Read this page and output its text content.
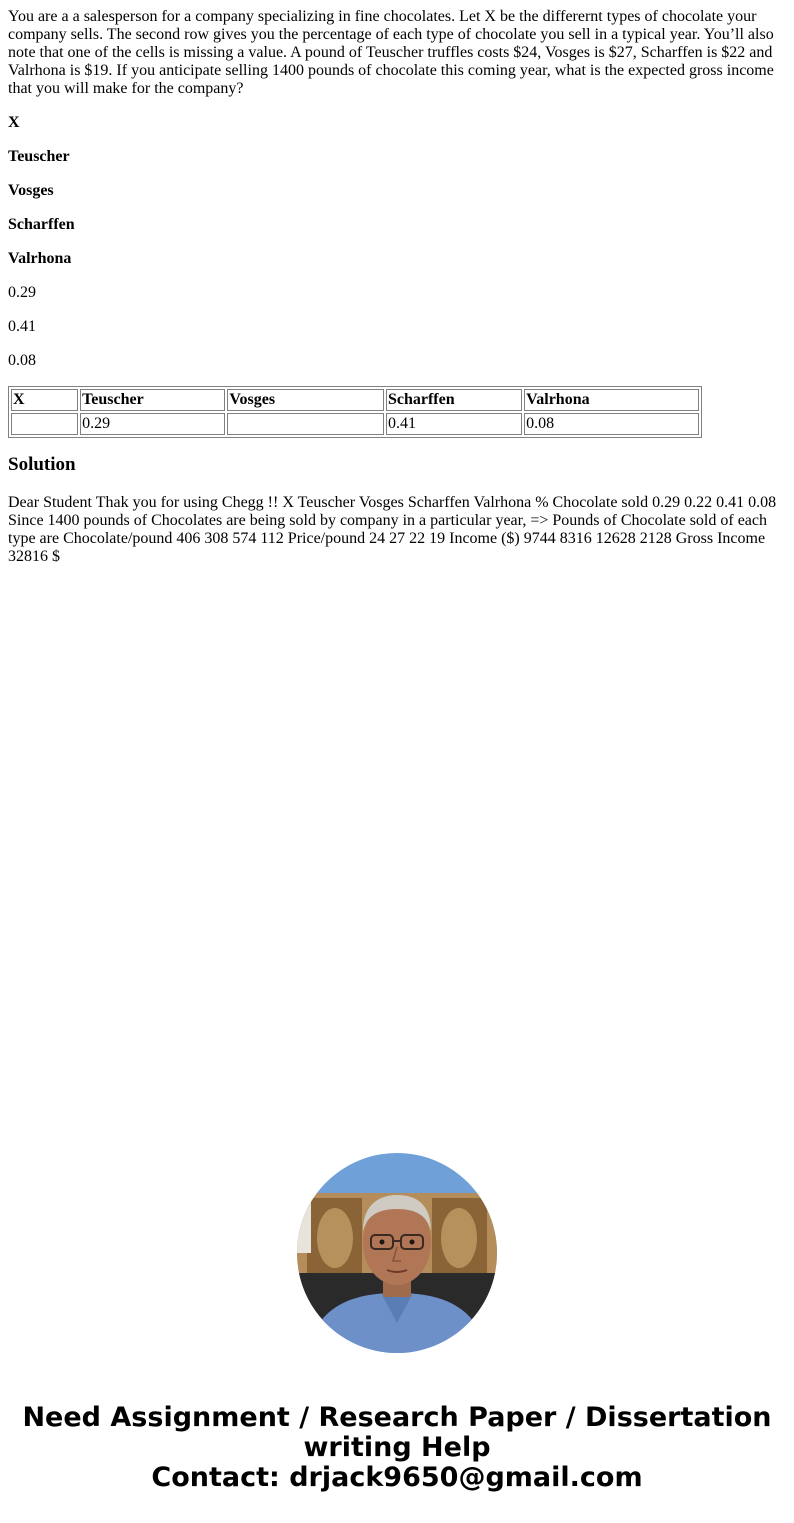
You are a a salesperson for a company specializing in fine chocolates. Let X be the differernt types of chocolate your company sells. The second row gives you the percentage of each type of chocolate you sell in a typical year. You’ll also note that one of the cells is missing a value. A pound of Teuscher truffles costs $24, Vosges is $27, Scharffen is $22 and Valrhona is $19. If you anticipate selling 1400 pounds of chocolate this coming year, what is the expected gross income that you will make for the company?

X

Teuscher

Vosges

Scharffen

Valrhona

0.29

0.41

0.08

X	Teuscher	Vosges	Scharffen	Valrhona
	0.29		0.41	0.08
Solution

Dear Student Thak you for using Chegg !! X Teuscher Vosges Scharffen Valrhona % Chocolate sold 0.29 0.22 0.41 0.08 Since 1400 pounds of Chocolates are being sold by company in a particular year, => Pounds of Chocolate sold of each type are Chocolate/pound 406 308 574 112 Price/pound 24 27 22 19 Income ($) 9744 8316 12628 2128 Gross Income 32816 $

Need Assignment / Research Paper / Dissertation
writing Help
Contact: drjack9650@gmail.com
